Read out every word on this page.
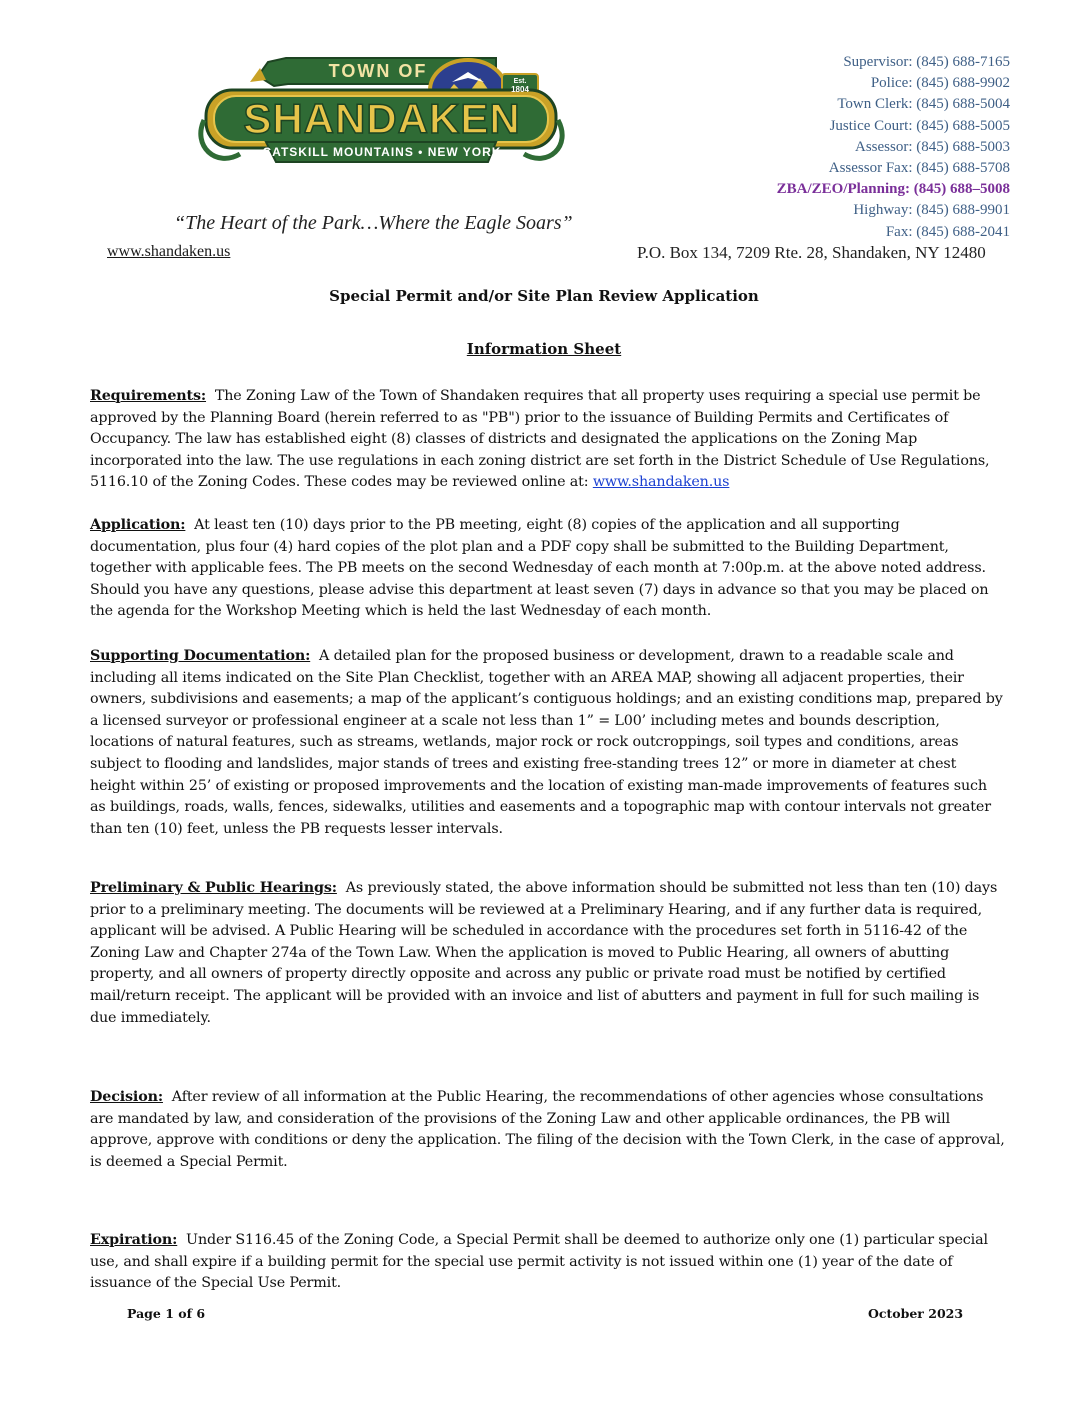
TOWN OF
Est.
1804
SHANDAKEN
CATSKILL MOUNTAINS • NEW YORK
Supervisor: (845) 688-7165
Police: (845) 688-9902
Town Clerk: (845) 688-5004
Justice Court: (845) 688-5005
Assessor: (845) 688-5003
Assessor Fax: (845) 688-5708
ZBA/ZEO/Planning: (845) 688–5008
Highway: (845) 688-9901
Fax: (845) 688-2041
“The Heart of the Park…Where the Eagle Soars”
www.shandaken.us	P.O. Box 134, 7209 Rte. 28, Shandaken, NY 12480
Special Permit and/or Site Plan Review Application
Information Sheet
Requirements: The Zoning Law of the Town of Shandaken requires that all property uses requiring a special use permit be approved by the Planning Board (herein referred to as "PB") prior to the issuance of Building Permits and Certificates of Occupancy. The law has established eight (8) classes of districts and designated the applications on the Zoning Map incorporated into the law. The use regulations in each zoning district are set forth in the District Schedule of Use Regulations, 5116.10 of the Zoning Codes. These codes may be reviewed online at: www.shandaken.us
Application: At least ten (10) days prior to the PB meeting, eight (8) copies of the application and all supporting documentation, plus four (4) hard copies of the plot plan and a PDF copy shall be submitted to the Building Department, together with applicable fees. The PB meets on the second Wednesday of each month at 7:00p.m. at the above noted address. Should you have any questions, please advise this department at least seven (7) days in advance so that you may be placed on the agenda for the Workshop Meeting which is held the last Wednesday of each month.
Supporting Documentation: A detailed plan for the proposed business or development, drawn to a readable scale and including all items indicated on the Site Plan Checklist, together with an AREA MAP, showing all adjacent properties, their owners, subdivisions and easements; a map of the applicant’s contiguous holdings; and an existing conditions map, prepared by a licensed surveyor or professional engineer at a scale not less than 1” = L00’ including metes and bounds description, locations of natural features, such as streams, wetlands, major rock or rock outcroppings, soil types and conditions, areas subject to flooding and landslides, major stands of trees and existing free-standing trees 12” or more in diameter at chest height within 25’ of existing or proposed improvements and the location of existing man-made improvements of features such as buildings, roads, walls, fences, sidewalks, utilities and easements and a topographic map with contour intervals not greater than ten (10) feet, unless the PB requests lesser intervals.
Preliminary & Public Hearings: As previously stated, the above information should be submitted not less than ten (10) days prior to a preliminary meeting. The documents will be reviewed at a Preliminary Hearing, and if any further data is required, applicant will be advised. A Public Hearing will be scheduled in accordance with the procedures set forth in 5116-42 of the Zoning Law and Chapter 274a of the Town Law. When the application is moved to Public Hearing, all owners of abutting property, and all owners of property directly opposite and across any public or private road must be notified by certified mail/return receipt. The applicant will be provided with an invoice and list of abutters and payment in full for such mailing is due immediately.
Decision: After review of all information at the Public Hearing, the recommendations of other agencies whose consultations are mandated by law, and consideration of the provisions of the Zoning Law and other applicable ordinances, the PB will approve, approve with conditions or deny the application. The filing of the decision with the Town Clerk, in the case of approval, is deemed a Special Permit.
Expiration: Under S116.45 of the Zoning Code, a Special Permit shall be deemed to authorize only one (1) particular special use, and shall expire if a building permit for the special use permit activity is not issued within one (1) year of the date of issuance of the Special Use Permit.
Page 1 of 6	October 2023
